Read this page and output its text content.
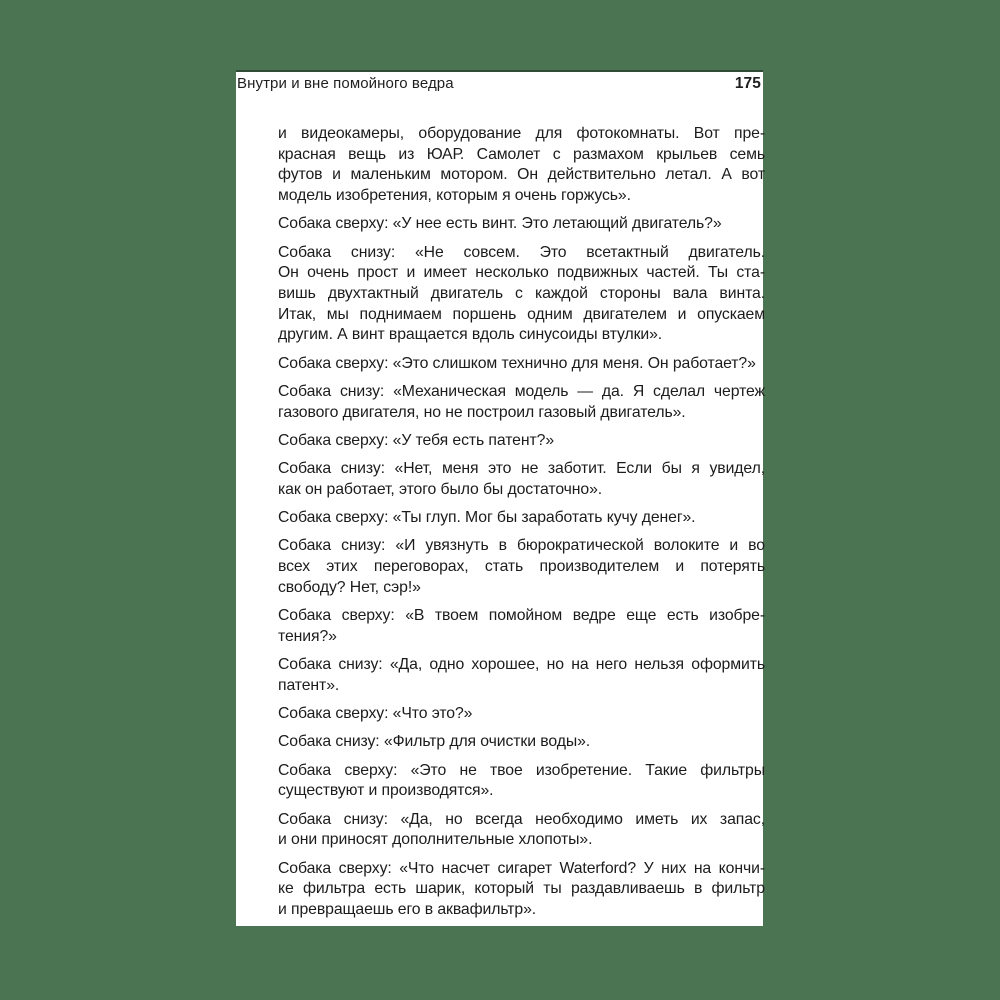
Внутри и вне помойного ведра	175
и видеокамеры, оборудование для фотокомнаты. Вот пре-
красная вещь из ЮАР. Самолет с размахом крыльев семь
футов и маленьким мотором. Он действительно летал. А вот
модель изобретения, которым я очень горжусь».
Собака сверху: «У нее есть винт. Это летающий двигатель?»
Собака снизу: «Не совсем. Это всетактный двигатель.
Он очень прост и имеет несколько подвижных частей. Ты ста-
вишь двухтактный двигатель с каждой стороны вала винта.
Итак, мы поднимаем поршень одним двигателем и опускаем
другим. А винт вращается вдоль синусоиды втулки».
Собака сверху: «Это слишком технично для меня. Он работает?»
Собака снизу: «Механическая модель — да. Я сделал чертеж
газового двигателя, но не построил газовый двигатель».
Собака сверху: «У тебя есть патент?»
Собака снизу: «Нет, меня это не заботит. Если бы я увидел,
как он работает, этого было бы достаточно».
Собака сверху: «Ты глуп. Мог бы заработать кучу денег».
Собака снизу: «И увязнуть в бюрократической волоките и во
всех этих переговорах, стать производителем и потерять
свободу? Нет, сэр!»
Собака сверху: «В твоем помойном ведре еще есть изобре-
тения?»
Собака снизу: «Да, одно хорошее, но на него нельзя оформить
патент».
Собака сверху: «Что это?»
Собака снизу: «Фильтр для очистки воды».
Собака сверху: «Это не твое изобретение. Такие фильтры
существуют и производятся».
Собака снизу: «Да, но всегда необходимо иметь их запас,
и они приносят дополнительные хлопоты».
Собака сверху: «Что насчет сигарет Waterford? У них на кончи-
ке фильтра есть шарик, который ты раздавливаешь в фильтр
и превращаешь его в аквафильтр».
